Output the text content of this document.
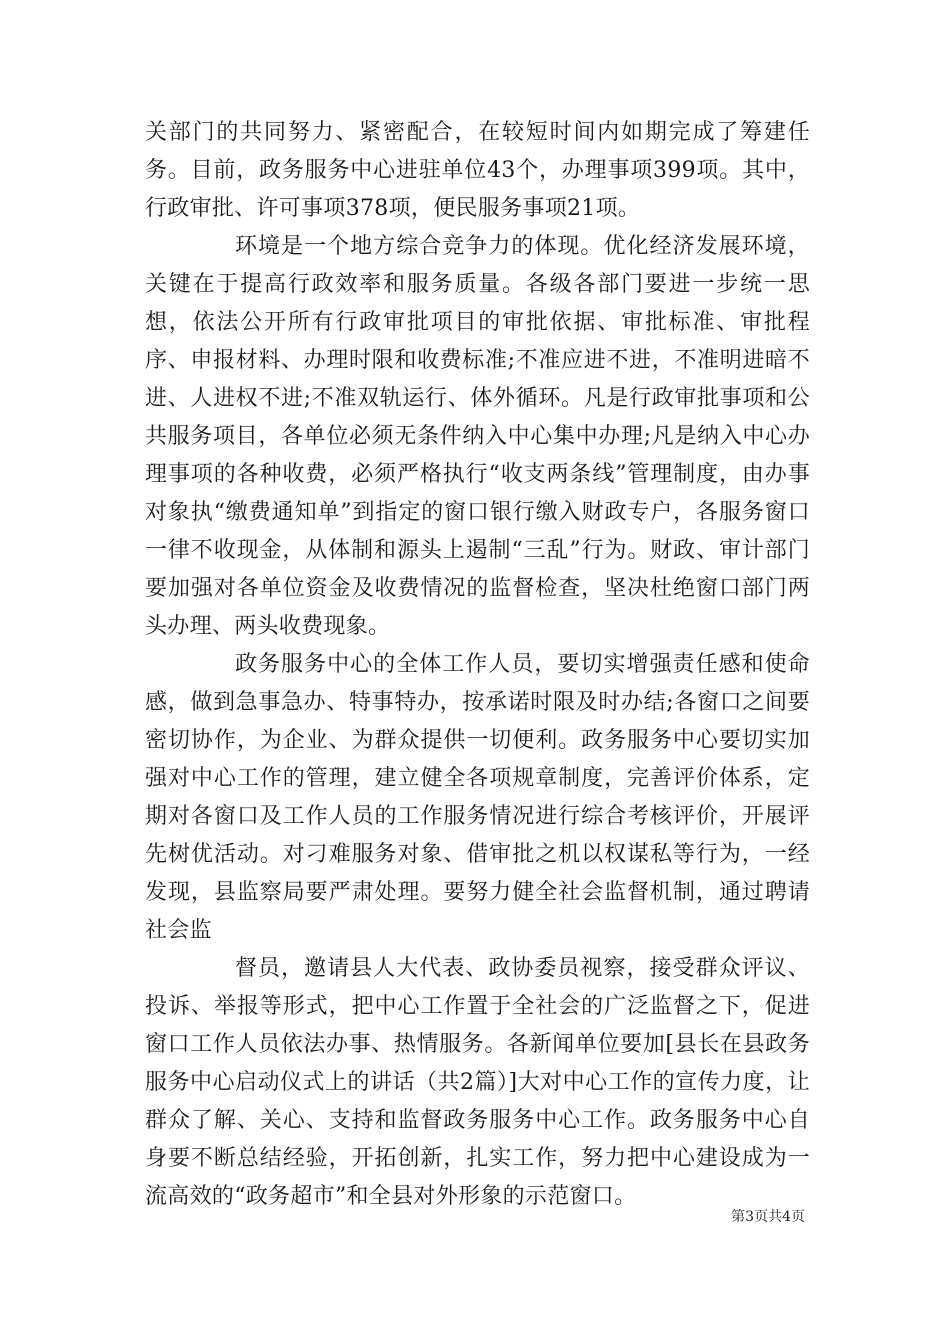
关部门的共同努力、紧密配合，在较短时间内如期完成了筹建任务。目前，政务服务中心进驻单位43个，办理事项399项。其中，行政审批、许可事项378项，便民服务事项21项。

环境是一个地方综合竞争力的体现。优化经济发展环境，关键在于提高行政效率和服务质量。各级各部门要进一步统一思想，依法公开所有行政审批项目的审批依据、审批标准、审批程序、申报材料、办理时限和收费标准;不准应进不进，不准明进暗不进、人进权不进;不准双轨运行、体外循环。凡是行政审批事项和公共服务项目，各单位必须无条件纳入中心集中办理;凡是纳入中心办理事项的各种收费，必须严格执行“收支两条线”管理制度，由办事对象执“缴费通知单”到指定的窗口银行缴入财政专户，各服务窗口一律不收现金，从体制和源头上遏制“三乱”行为。财政、审计部门要加强对各单位资金及收费情况的监督检查，坚决杜绝窗口部门两头办理、两头收费现象。

政务服务中心的全体工作人员，要切实增强责任感和使命感，做到急事急办、特事特办，按承诺时限及时办结;各窗口之间要密切协作，为企业、为群众提供一切便利。政务服务中心要切实加强对中心工作的管理，建立健全各项规章制度，完善评价体系，定期对各窗口及工作人员的工作服务情况进行综合考核评价，开展评先树优活动。对刁难服务对象、借审批之机以权谋私等行为，一经发现，县监察局要严肃处理。要努力健全社会监督机制，通过聘请社会监

督员，邀请县人大代表、政协委员视察，接受群众评议、投诉、举报等形式，把中心工作置于全社会的广泛监督之下，促进窗口工作人员依法办事、热情服务。各新闻单位要加[县长在县政务服务中心启动仪式上的讲话（共2篇）]大对中心工作的宣传力度，让群众了解、关心、支持和监督政务服务中心工作。政务服务中心自身要不断总结经验，开拓创新，扎实工作，努力把中心建设成为一流高效的“政务超市”和全县对外形象的示范窗口。

第3页共4页
